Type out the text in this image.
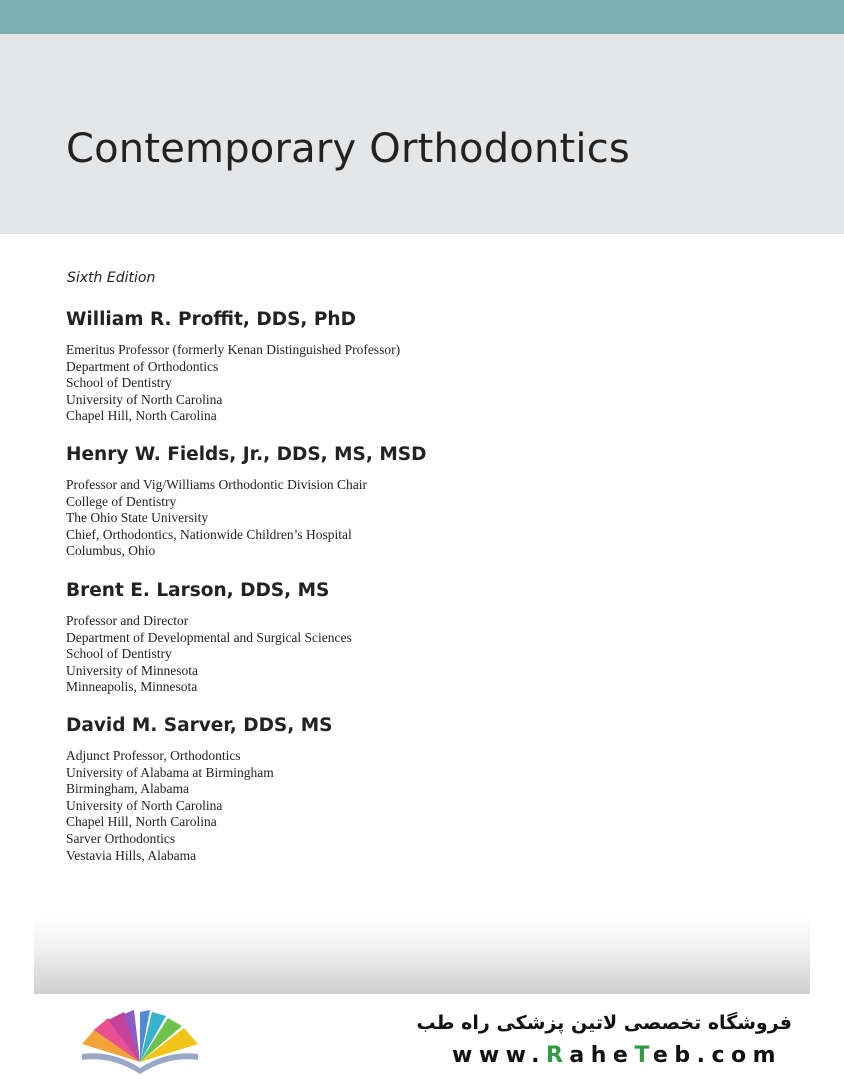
Contemporary Orthodontics

Sixth Edition

William R. Proffit, DDS, PhD
Emeritus Professor (formerly Kenan Distinguished Professor)
Department of Orthodontics
School of Dentistry
University of North Carolina
Chapel Hill, North Carolina
Henry W. Fields, Jr., DDS, MS, MSD
Professor and Vig/Williams Orthodontic Division Chair
College of Dentistry
The Ohio State University
Chief, Orthodontics, Nationwide Children’s Hospital
Columbus, Ohio
Brent E. Larson, DDS, MS
Professor and Director
Department of Developmental and Surgical Sciences
School of Dentistry
University of Minnesota
Minneapolis, Minnesota
David M. Sarver, DDS, MS
Adjunct Professor, Orthodontics
University of Alabama at Birmingham
Birmingham, Alabama
University of North Carolina
Chapel Hill, North Carolina
Sarver Orthodontics
Vestavia Hills, Alabama
فروشگاه تخصصی لاتین پزشکی راه طب
www.RaheTeb.com
